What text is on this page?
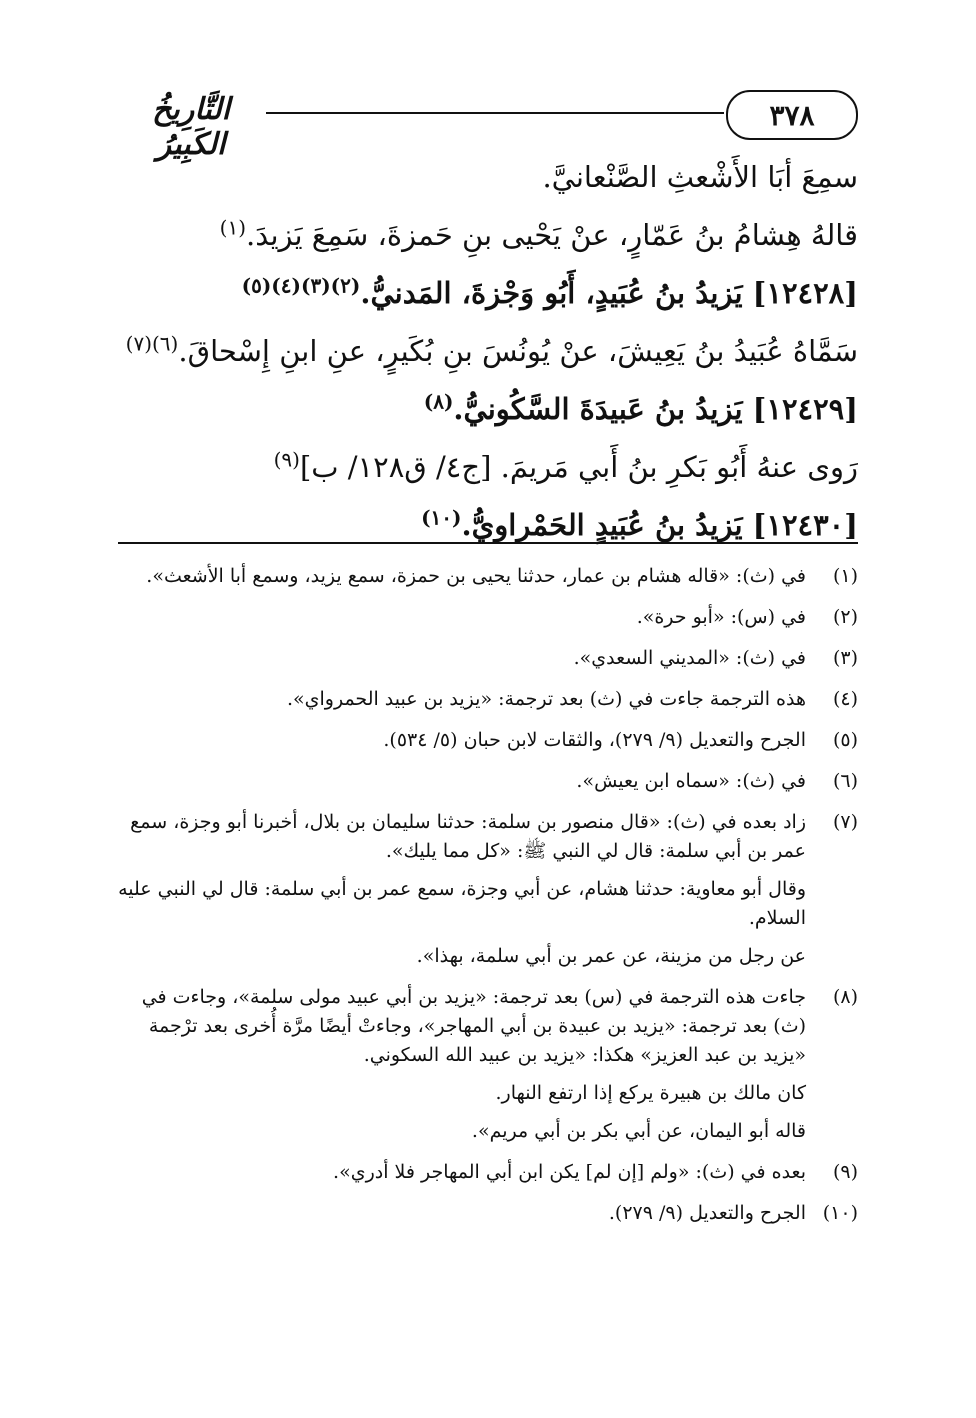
٣٧٨
التَّارِيخُ الكَبِيرُ
سمِعَ أبَا الأَشْعثِ الصَّنْعانيَّ.
قالهُ هِشامُ بنُ عَمّارٍ، عنْ يَحْيى بنِ حَمزةَ، سَمِعَ يَزيدَ.$^{(١)}$
[١٢٤٢٨] يَزيدُ بنُ عُبَيدٍ، أَبُو وَجْزةَ، المَدنيُّ.$^{(٢)(٣)(٤)(٥)}$
سَمَّاهُ عُبَيدُ بنُ يَعِيشَ، عنْ يُونُسَ بنِ بُكَيرٍ، عنِ ابنِ إِسْحاقَ.$^{(٦)(٧)}$
[١٢٤٢٩] يَزيدُ بنُ عَبيدَةَ السَّكُونيُّ.$^{(٨)}$
رَوى عنهُ أَبُو بَكرِ بنُ أَبي مَريمَ. [ج٤/ ق١٢٨/ ب]$^{(٩)}$
[١٢٤٣٠] يَزيدُ بنُ عُبَيدٍ الحَمْراويُّ.$^{(١٠)}$
(١)

في (ث): «قاله هشام بن عمار، حدثنا يحيى بن حمزة، سمع يزيد، وسمع أبا الأشعث».

(٢)

في (س): «أبو حرة».

(٣)

في (ث): «المديني السعدي».

(٤)

هذه الترجمة جاءت في (ث) بعد ترجمة: «يزيد بن عبيد الحمرواي».

(٥)

الجرح والتعديل (٩/ ٢٧٩)، والثقات لابن حبان (٥/ ٥٣٤).

(٦)

في (ث): «سماه ابن يعيش».

(٧)

زاد بعده في (ث): «قال منصور بن سلمة: حدثنا سليمان بن بلال، أخبرنا أبو وجزة، سمع عمر بن أبي سلمة: قال لي النبي ﷺ: «كل مما يليك».

وقال أبو معاوية: حدثنا هشام، عن أبي وجزة، سمع عمر بن أبي سلمة: قال لي النبي عليه السلام.

عن رجل من مزينة، عن عمر بن أبي سلمة، بهذا».

(٨)

جاءت هذه الترجمة في (س) بعد ترجمة: «يزيد بن أبي عبيد مولى سلمة»، وجاءت في (ث) بعد ترجمة: «يزيد بن عبيدة بن أبي المهاجر»، وجاءتْ أيضًا مرَّة أُخرى بعد ترْجمة «يزيد بن عبد العزيز» هكذا: «يزيد بن عبيد الله السكوني.

كان مالك بن هبيرة يركع إذا ارتفع النهار.

قاله أبو اليمان، عن أبي بكر بن أبي مريم».

(٩)

بعده في (ث): «ولم [إن لم] يكن ابن أبي المهاجر فلا أدري».

(١٠)

الجرح والتعديل (٩/ ٢٧٩).
